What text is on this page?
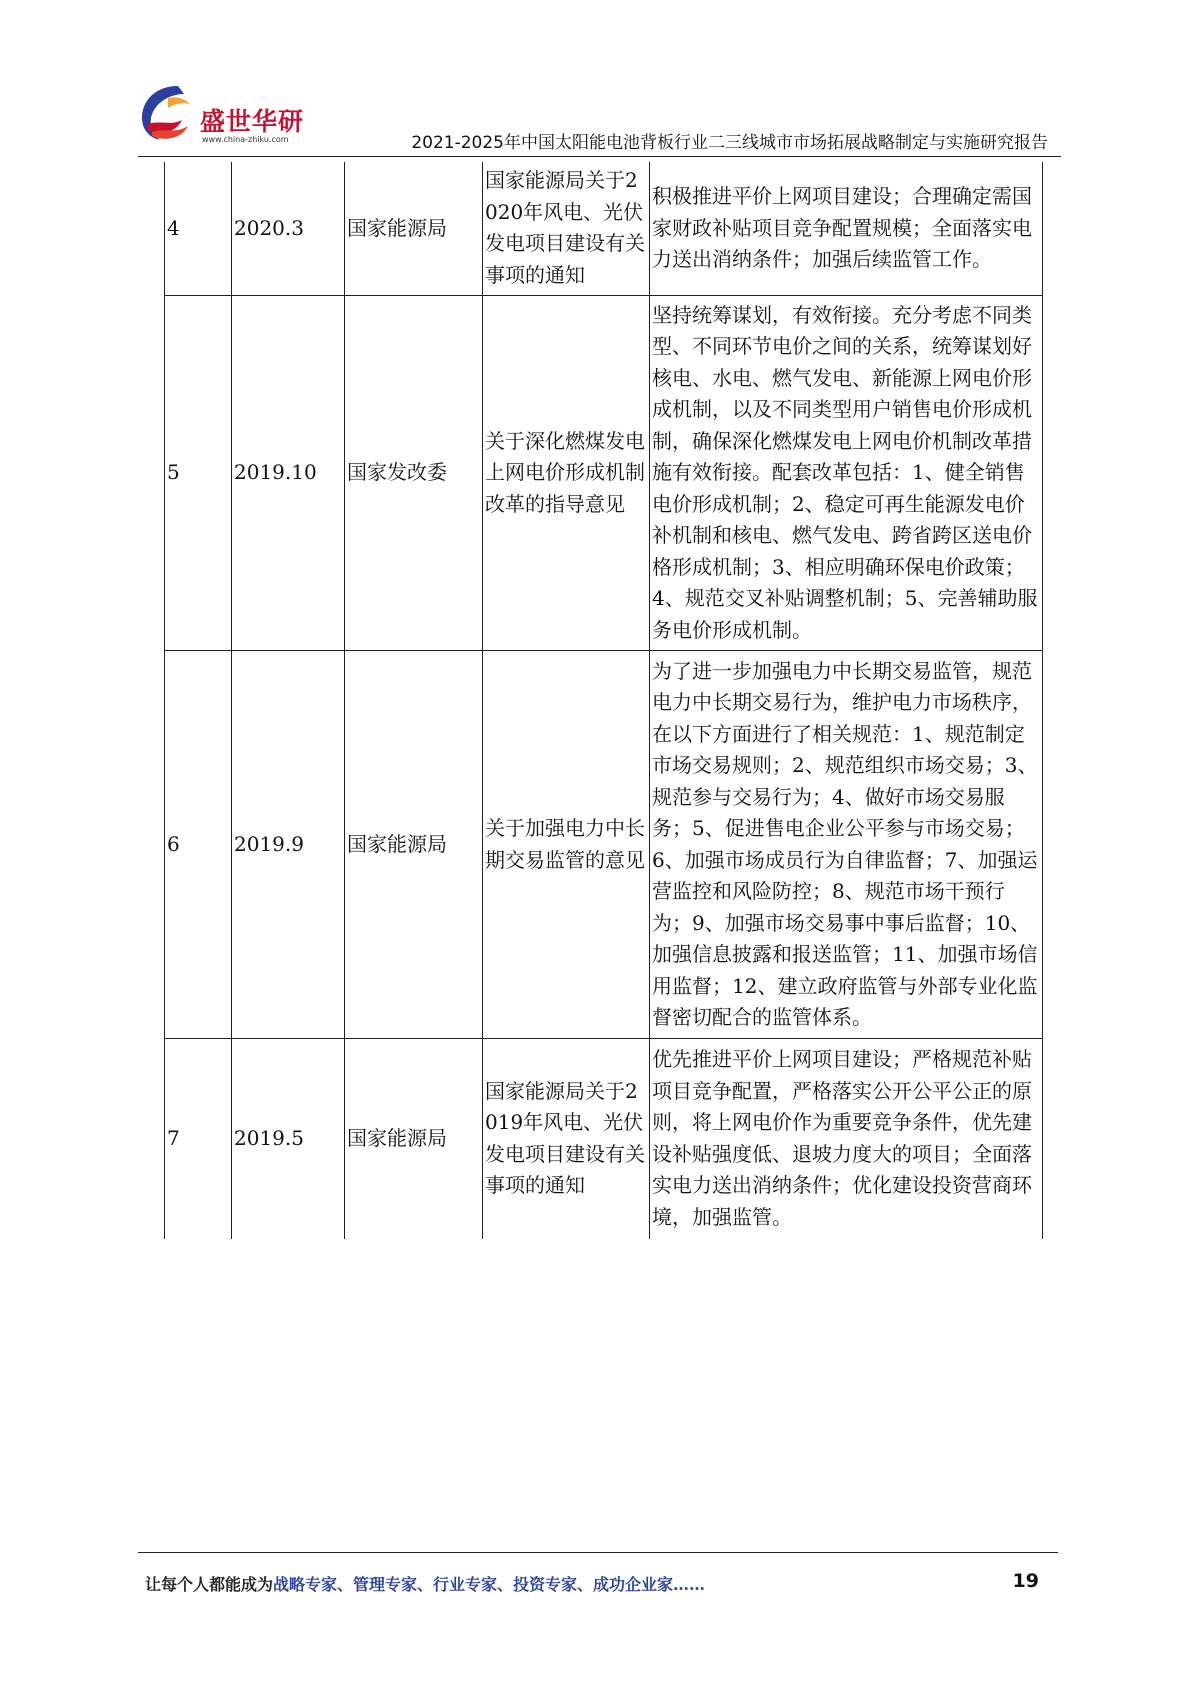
盛世华研
www.china-zhiku.com	2021-2025年中国太阳能电池背板行业二三线城市市场拓展战略制定与实施研究报告
4	2020.3	国家能源局	国家能源局关于2020年风电、光伏发电项目建设有关事项的通知	积极推进平价上网项目建设；合理确定需国家财政补贴项目竞争配置规模；全面落实电力送出消纳条件；加强后续监管工作。
5	2019.10	国家发改委	关于深化燃煤发电上网电价形成机制改革的指导意见	坚持统筹谋划，有效衔接。充分考虑不同类型、不同环节电价之间的关系，统筹谋划好核电、水电、燃气发电、新能源上网电价形成机制，以及不同类型用户销售电价形成机制，确保深化燃煤发电上网电价机制改革措施有效衔接。配套改革包括：1、健全销售电价形成机制；2、稳定可再生能源发电价补机制和核电、燃气发电、跨省跨区送电价格形成机制；3、相应明确环保电价政策；4、规范交叉补贴调整机制；5、完善辅助服务电价形成机制。
6	2019.9	国家能源局	关于加强电力中长期交易监管的意见	为了进一步加强电力中长期交易监管，规范电力中长期交易行为，维护电力市场秩序，在以下方面进行了相关规范：1、规范制定市场交易规则；2、规范组织市场交易；3、规范参与交易行为；4、做好市场交易服务；5、促进售电企业公平参与市场交易；6、加强市场成员行为自律监督；7、加强运营监控和风险防控；8、规范市场干预行为；9、加强市场交易事中事后监督；10、加强信息披露和报送监管；11、加强市场信用监督；12、建立政府监管与外部专业化监督密切配合的监管体系。
7	2019.5	国家能源局	国家能源局关于2019年风电、光伏发电项目建设有关事项的通知	优先推进平价上网项目建设；严格规范补贴项目竞争配置，严格落实公开公平公正的原则，将上网电价作为重要竞争条件，优先建设补贴强度低、退坡力度大的项目；全面落实电力送出消纳条件；优化建设投资营商环境，加强监管。
让每个人都能成为战略专家、管理专家、行业专家、投资专家、成功企业家……	19
